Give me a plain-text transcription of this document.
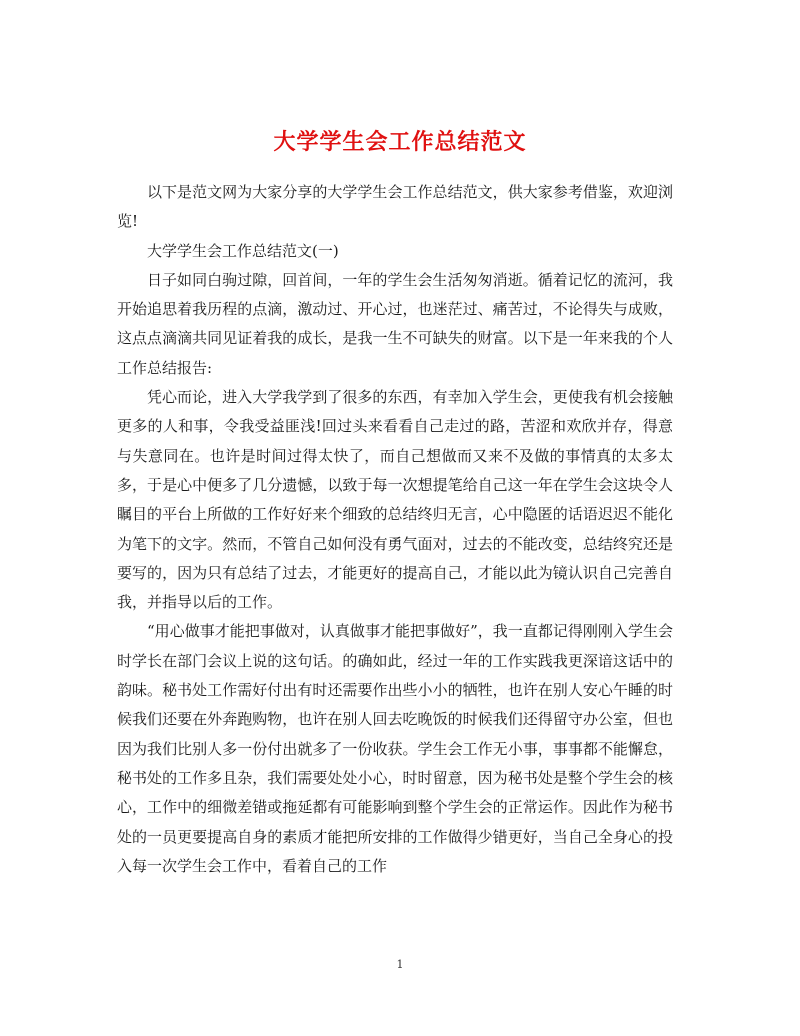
大学学生会工作总结范文

以下是范文网为大家分享的大学学生会工作总结范文，供大家参考借鉴，欢迎浏览!

大学学生会工作总结范文(一)

日子如同白驹过隙，回首间，一年的学生会生活匆匆消逝。循着记忆的流河，我开始追思着我历程的点滴，激动过、开心过，也迷茫过、痛苦过，不论得失与成败，这点点滴滴共同见证着我的成长，是我一生不可缺失的财富。以下是一年来我的个人工作总结报告:

凭心而论，进入大学我学到了很多的东西，有幸加入学生会，更使我有机会接触更多的人和事，令我受益匪浅!回过头来看看自己走过的路，苦涩和欢欣并存，得意与失意同在。也许是时间过得太快了，而自己想做而又来不及做的事情真的太多太多，于是心中便多了几分遗憾，以致于每一次想提笔给自己这一年在学生会这块令人瞩目的平台上所做的工作好好来个细致的总结终归无言，心中隐匿的话语迟迟不能化为笔下的文字。然而，不管自己如何没有勇气面对，过去的不能改变，总结终究还是要写的，因为只有总结了过去，才能更好的提高自己，才能以此为镜认识自己完善自我，并指导以后的工作。

“用心做事才能把事做对，认真做事才能把事做好”，我一直都记得刚刚入学生会时学长在部门会议上说的这句话。的确如此，经过一年的工作实践我更深谙这话中的韵味。秘书处工作需好付出有时还需要作出些小小的牺牲，也许在别人安心午睡的时候我们还要在外奔跑购物，也许在别人回去吃晚饭的时候我们还得留守办公室，但也因为我们比别人多一份付出就多了一份收获。学生会工作无小事，事事都不能懈怠，秘书处的工作多且杂，我们需要处处小心，时时留意，因为秘书处是整个学生会的核心，工作中的细微差错或拖延都有可能影响到整个学生会的正常运作。因此作为秘书处的一员更要提高自身的素质才能把所安排的工作做得少错更好，当自己全身心的投入每一次学生会工作中，看着自己的工作

1
